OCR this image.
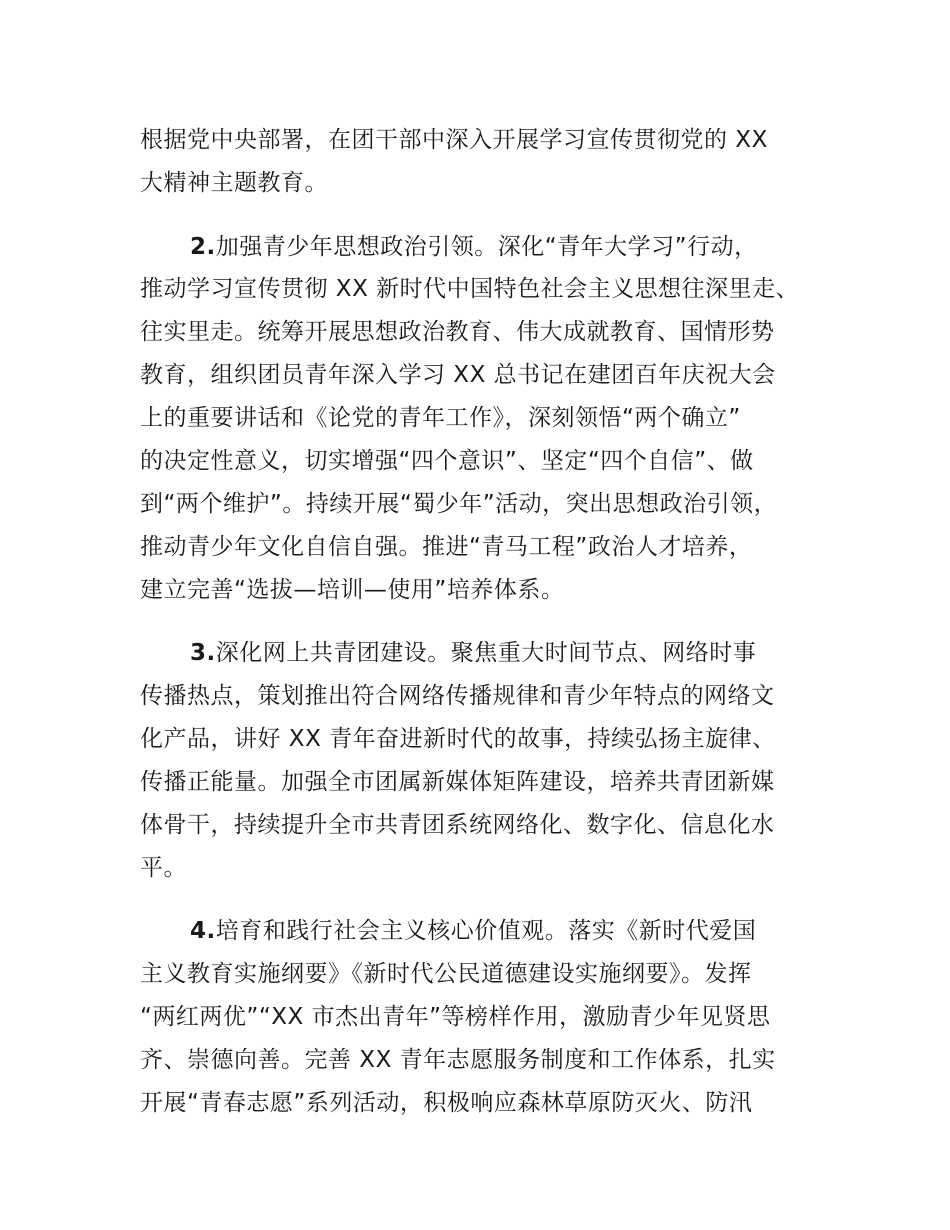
根据党中央部署，在团干部中深入开展学习宣传贯彻党的 XX
大精神主题教育。
2.加强青少年思想政治引领。深化“青年大学习”行动，
推动学习宣传贯彻 XX 新时代中国特色社会主义思想往深里走、
往实里走。统筹开展思想政治教育、伟大成就教育、国情形势
教育，组织团员青年深入学习 XX 总书记在建团百年庆祝大会
上的重要讲话和《论党的青年工作》，深刻领悟“两个确立”
的决定性意义，切实增强“四个意识”、坚定“四个自信”、做
到“两个维护”。持续开展“蜀少年”活动，突出思想政治引领，
推动青少年文化自信自强。推进“青马工程”政治人才培养，
建立完善“选拔—培训—使用”培养体系。
3.深化网上共青团建设。聚焦重大时间节点、网络时事
传播热点，策划推出符合网络传播规律和青少年特点的网络文
化产品，讲好 XX 青年奋进新时代的故事，持续弘扬主旋律、
传播正能量。加强全市团属新媒体矩阵建设，培养共青团新媒
体骨干，持续提升全市共青团系统网络化、数字化、信息化水
平。
4.培育和践行社会主义核心价值观。落实《新时代爱国
主义教育实施纲要》《新时代公民道德建设实施纲要》。发挥
“两红两优”“XX 市杰出青年”等榜样作用，激励青少年见贤思
齐、崇德向善。完善 XX 青年志愿服务制度和工作体系，扎实
开展“青春志愿”系列活动，积极响应森林草原防灭火、防汛
